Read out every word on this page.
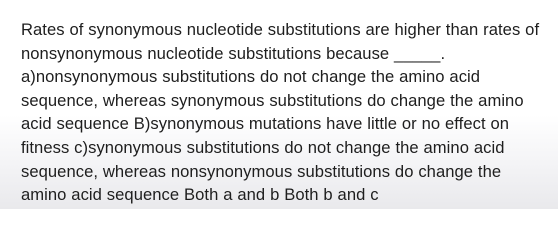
Rates of synonymous nucleotide substitutions are higher than rates of nonsynonymous nucleotide substitutions because _____. a)nonsynonymous substitutions do not change the amino acid sequence, whereas synonymous substitutions do change the amino acid sequence B)synonymous mutations have little or no effect on fitness c)synonymous substitutions do not change the amino acid sequence, whereas nonsynonymous substitutions do change the amino acid sequence Both a and b Both b and c
